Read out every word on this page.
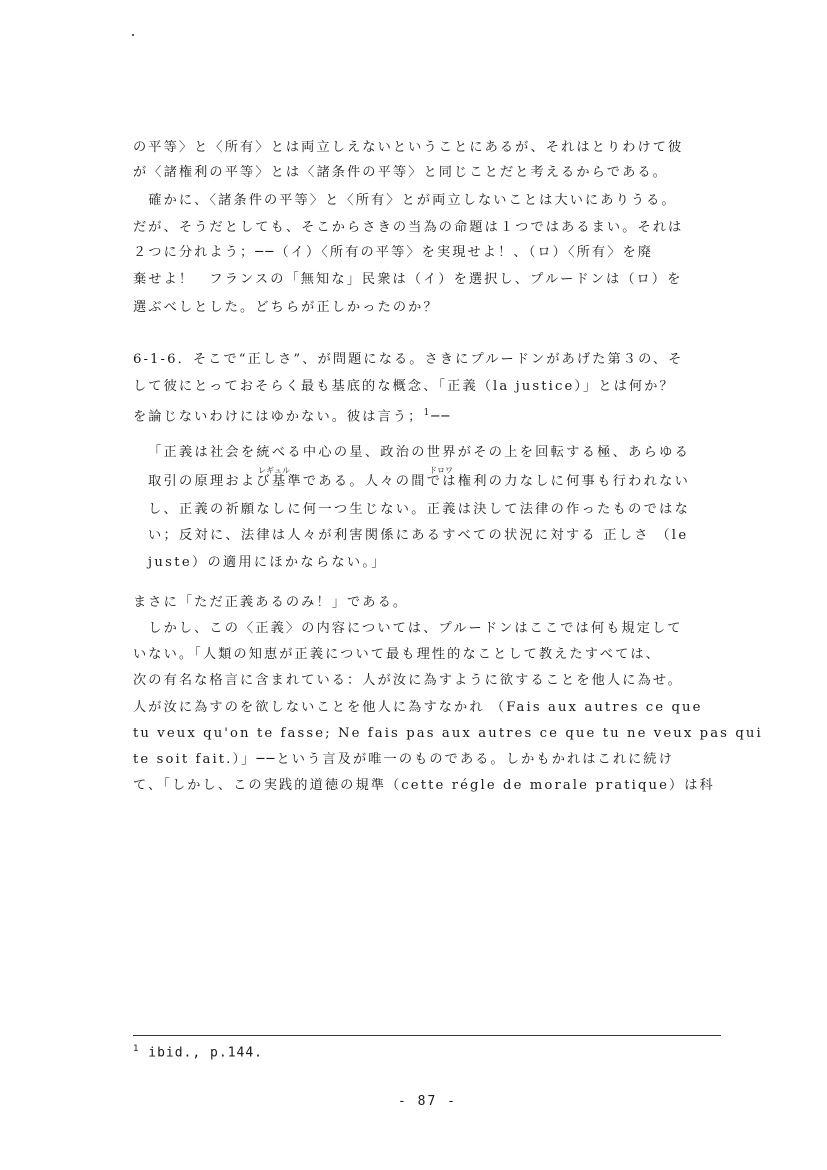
の平等〉と〈所有〉とは両立しえないということにあるが、それはとりわけて彼
が〈諸権利の平等〉とは〈諸条件の平等〉と同じことだと考えるからである。
　確かに、〈諸条件の平等〉と〈所有〉とが両立しないことは大いにありうる。
だが、そうだとしても、そこからさきの当為の命題は１つではあるまい。それは
２つに分れよう；──（イ）〈所有の平等〉を実現せよ！、（ロ）〈所有〉を廃
棄せよ！　フランスの「無知な」民衆は（イ）を選択し、プルードンは（ロ）を
選ぶべしとした。どちらが正しかったのか？
6-1-6．そこで“正しさ”、が問題になる。さきにプルードンがあげた第３の、そ
して彼にとっておそらく最も基底的な概念、「正義（la justice）」とは何か？
を論じないわけにはゆかない。彼は言う；$^1$──
「正義は社会を統べる中心の星、政治の世界がその上を回転する極、あらゆる
レギュル	ドロワ
取引の原理および基準である。人々の間では権利の力なしに何事も行われない
し、正義の祈願なしに何一つ生じない。正義は決して法律の作ったものではな
い；反対に、法律は人々が利害関係にあるすべての状況に対する 正しさ （le
juste）の適用にほかならない。」
まさに「ただ正義あるのみ！」である。
　しかし、この〈正義〉の内容については、プルードンはここでは何も規定して
いない。「人類の知恵が正義について最も理性的なことして教えたすべては、
次の有名な格言に含まれている：人が汝に為すように欲することを他人に為せ。
人が汝に為すのを欲しないことを他人に為すなかれ （Fais aux autres ce que
tu veux qu'on te fasse; Ne fais pas aux autres ce que tu ne veux pas qui
te soit fait.）」──という言及が唯一のものである。しかもかれはこれに続け
て、「しかし、この実践的道徳の規準（cette régle de morale pratique）は科
$^1$ ibid., p.144.
- 87 -
